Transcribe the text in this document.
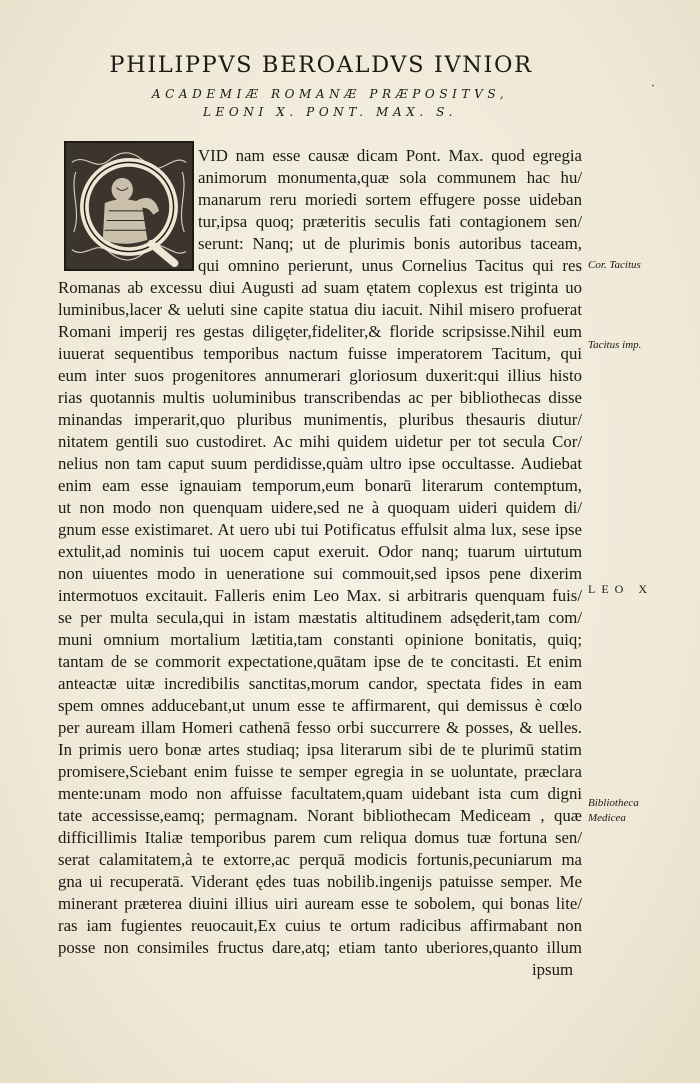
PHILIPPVS BEROALDVS IVNIOR
ACADEMIÆ ROMANÆ PRÆPOSITVS,
LEONI X. PONT. MAX. S.
˙
VID nam esse causæ dicam Pont. Max. quod egregia
animorum monumenta,quæ sola communem hac hu/
manarum reru moriedi sortem effugere posse uideban
tur,ipsa quoq; præteritis seculis fati contagionem sen/
serunt: Nanq; ut de plurimis bonis autoribus taceam,
qui omnino perierunt, unus Cornelius Tacitus qui res
Romanas ab excessu diui Augusti ad suam ętatem coplexus est triginta uo
luminibus,lacer & ueluti sine capite statua diu iacuit. Nihil misero profuerat
Romani imperij res gestas diligęter,fideliter,& floride scripsisse.Nihil eum
iuuerat sequentibus temporibus nactum fuisse imperatorem Tacitum, qui
eum inter suos progenitores annumerari gloriosum duxerit:qui illius histo
rias quotannis multis uoluminibus transcribendas ac per bibliothecas disse
minandas imperarit,quo pluribus munimentis, pluribus thesauris diutur/
nitatem gentili suo custodiret. Ac mihi quidem uidetur per tot secula Cor/
nelius non tam caput suum perdidisse,quàm ultro ipse occultasse. Audiebat
enim eam esse ignauiam temporum,eum bonarū literarum contemptum,
ut non modo non quenquam uidere,sed ne à quoquam uideri quidem di/
gnum esse existimaret. At uero ubi tui Potificatus effulsit alma lux, sese ipse
extulit,ad nominis tui uocem caput exeruit. Odor nanq; tuarum uirtutum
non uiuentes modo in ueneratione sui commouit,sed ipsos pene dixerim
intermotuos excitauit. Falleris enim Leo Max. si arbitraris quenquam fuis/
se per multa secula,qui in istam mæstatis altitudinem adsęderit,tam com/
muni omnium mortalium lætitia,tam constanti opinione bonitatis, quiq;
tantam de se commorit expectatione,quātam ipse de te concitasti. Et enim
anteactæ uitæ incredibilis sanctitas,morum candor, spectata fides in eam
spem omnes adducebant,ut unum esse te affirmarent, qui demissus è cœlo
per auream illam Homeri cathenā fesso orbi succurrere & posses, & uelles.
In primis uero bonæ artes studiaq; ipsa literarum sibi de te plurimū statim
promisere,Sciebant enim fuisse te semper egregia in se uoluntate, præclara
mente:unam modo non affuisse facultatem,quam uidebant ista cum digni
tate accessisse,eamq; permagnam. Norant bibliothecam Mediceam , quæ
difficillimis Italiæ temporibus parem cum reliqua domus tuæ fortuna sen/
serat calamitatem,à te extorre,ac perquā modicis fortunis,pecuniarum ma
gna ui recuperatā. Viderant ędes tuas nobilib.ingenijs patuisse semper. Me
minerant præterea diuini illius uiri auream esse te sobolem, qui bonas lite/
ras iam fugientes reuocauit,Ex cuius te ortum radicibus affirmabant non
posse non consimiles fructus dare,atq; etiam tanto uberiores,quanto illum
ipsum
Cor. Tacitus
Tacitus imp.
LEO X
Bibliotheca
Medicea
